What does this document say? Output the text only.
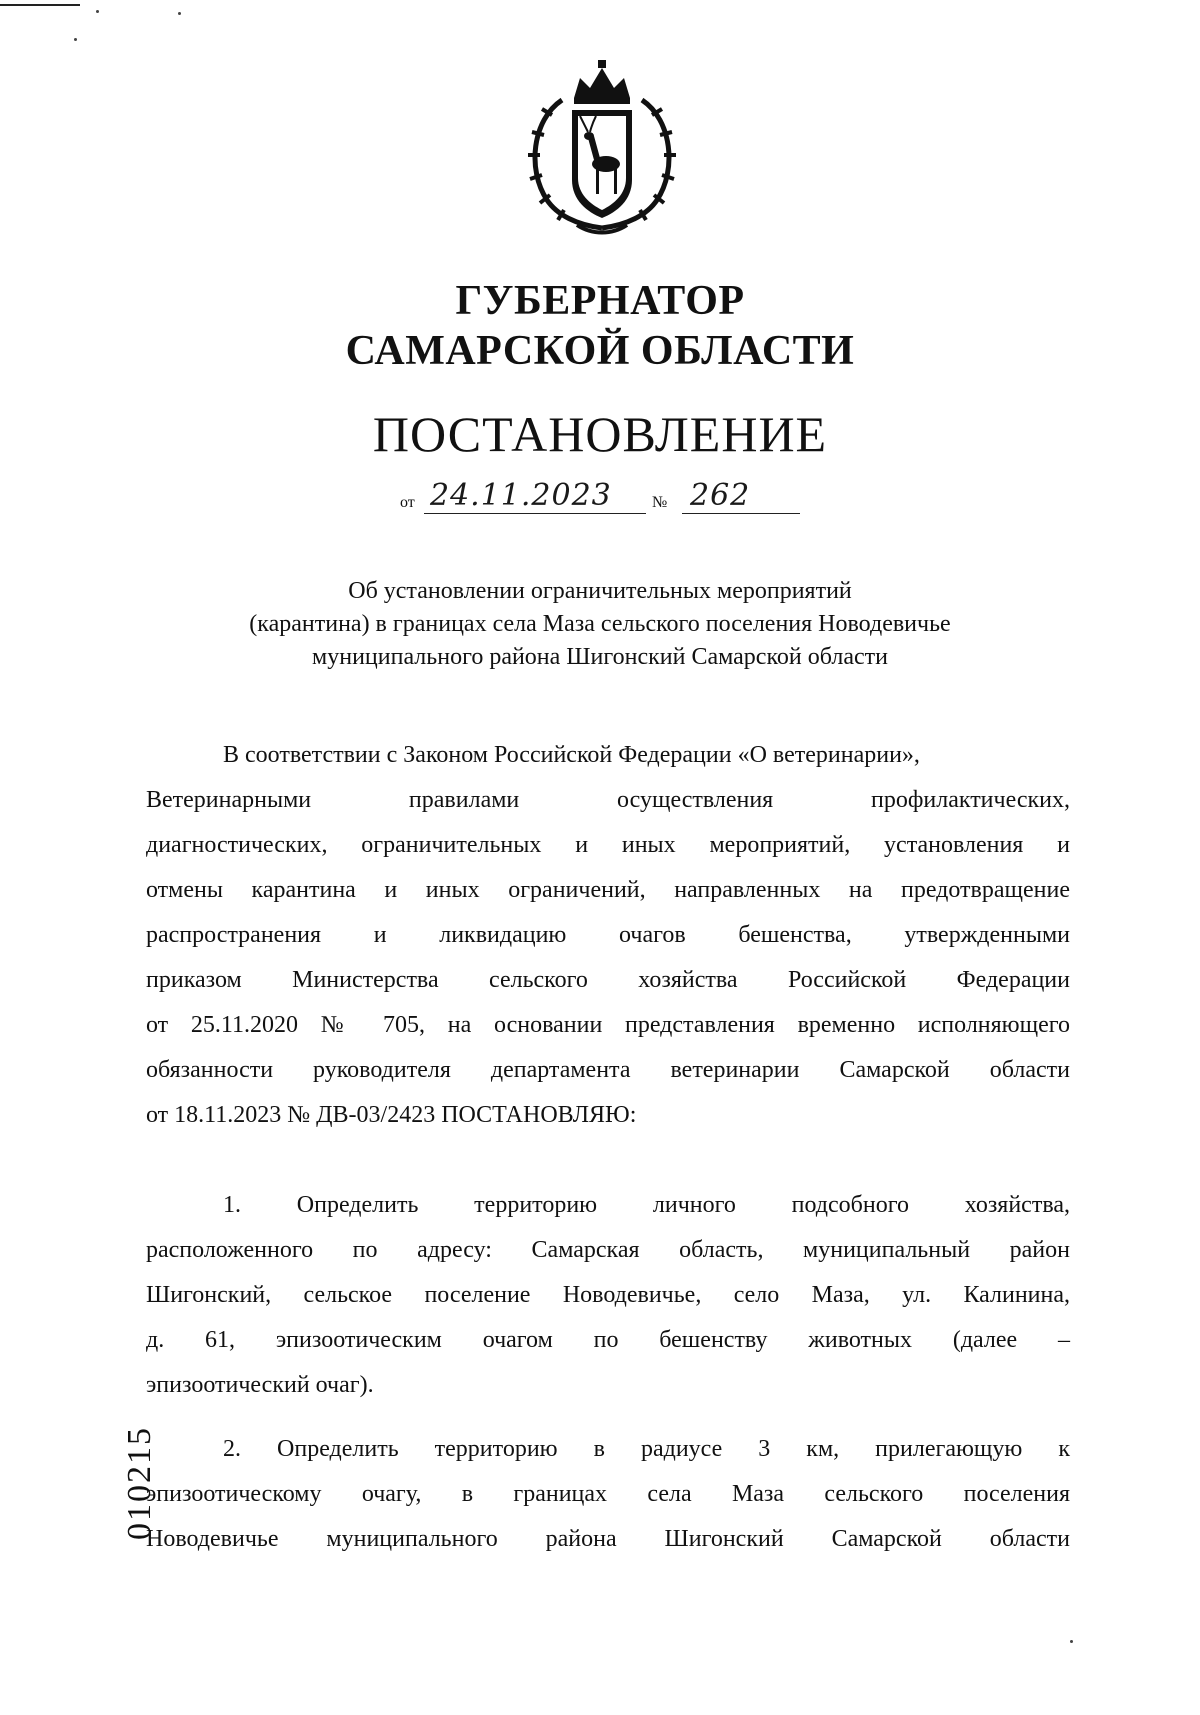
ГУБЕРНАТОР
САМАРСКОЙ ОБЛАСТИ
ПОСТАНОВЛЕНИЕ
от 24.11.2023	№ 262
Об установлении ограничительных мероприятий
(карантина) в границах села Маза сельского поселения Новодевичье
муниципального района Шигонский Самарской области
В соответствии с Законом Российской Федерации «О ветеринарии»,
Ветеринарными правилами осуществления профилактических,
диагностических, ограничительных и иных мероприятий, установления и
отмены карантина и иных ограничений, направленных на предотвращение
распространения и ликвидацию очагов бешенства, утвержденными
приказом Министерства сельского хозяйства Российской Федерации
от 25.11.2020 № 705, на основании представления временно исполняющего
обязанности руководителя департамента ветеринарии Самарской области
от 18.11.2023 № ДВ-03/2423 ПОСТАНОВЛЯЮ:
1. Определить территорию личного подсобного хозяйства,
расположенного по адресу: Самарская область, муниципальный район
Шигонский, сельское поселение Новодевичье, село Маза, ул. Калинина,
д. 61, эпизоотическим очагом по бешенству животных (далее –
эпизоотический очаг).
2. Определить территорию в радиусе 3 км, прилегающую к
эпизоотическому очагу, в границах села Маза сельского поселения
Новодевичье муниципального района Шигонский Самарской области
010215
